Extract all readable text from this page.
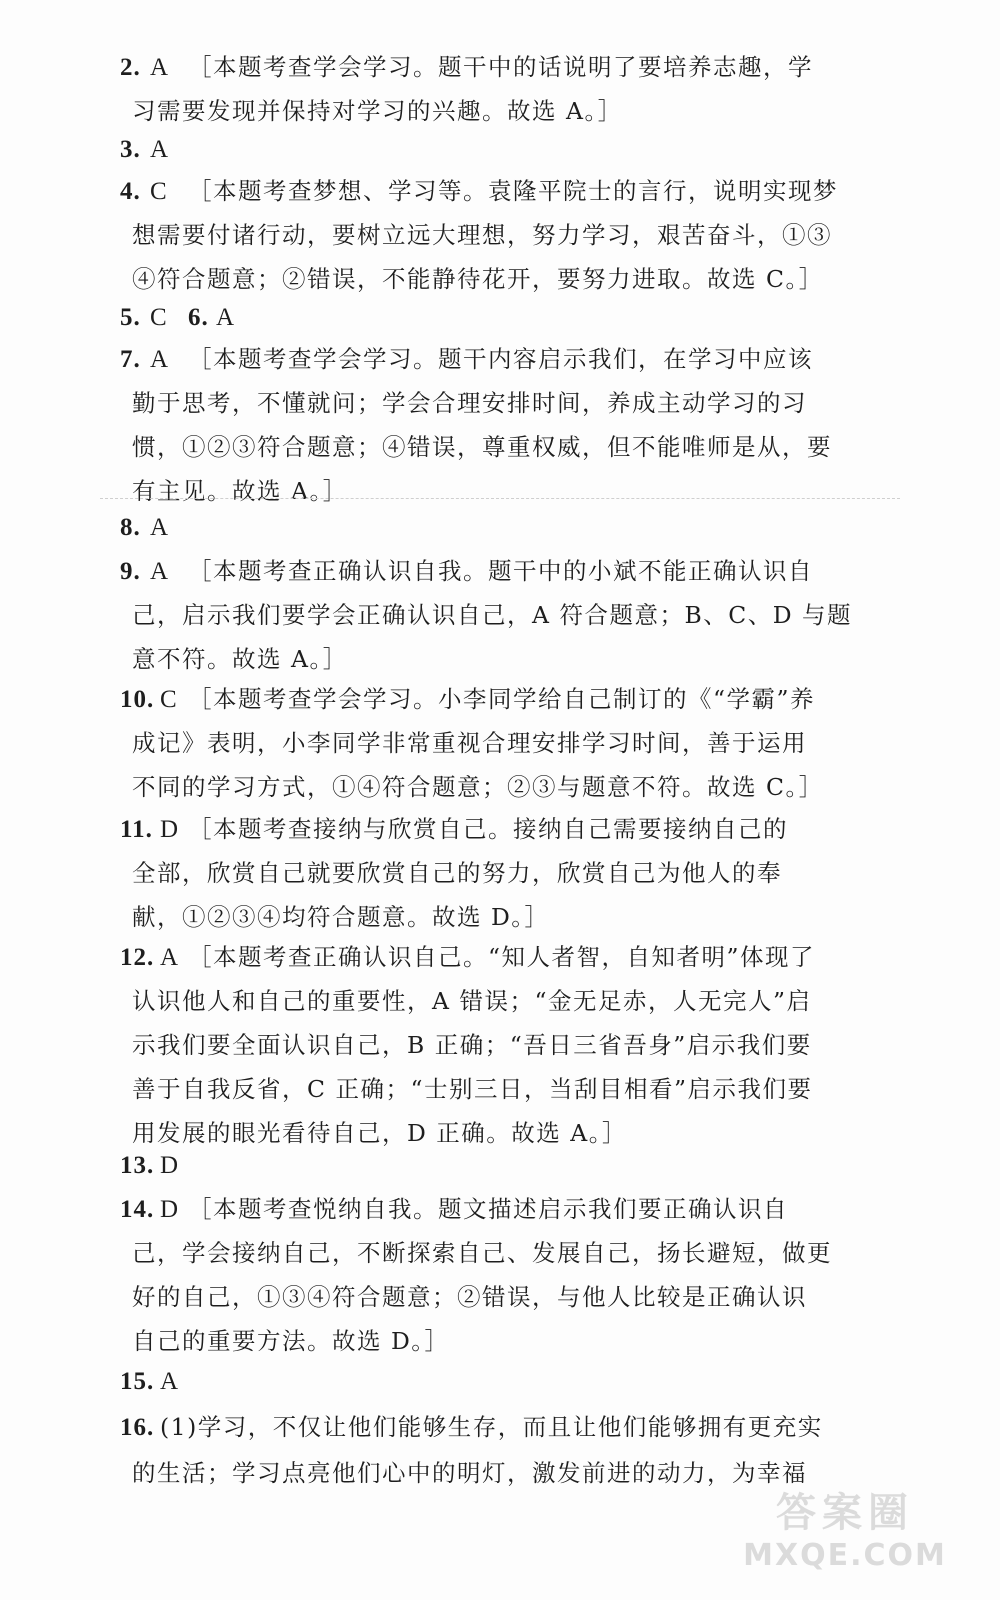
2. A ［本题考查学会学习。题干中的话说明了要培养志趣，学
习需要发现并保持对学习的兴趣。故选 A。］
3. A
4. C ［本题考查梦想、学习等。袁隆平院士的言行，说明实现梦
想需要付诸行动，要树立远大理想，努力学习，艰苦奋斗，①③
④符合题意；②错误，不能静待花开，要努力进取。故选 C。］
5. C 6. A
7. A ［本题考查学会学习。题干内容启示我们，在学习中应该
勤于思考，不懂就问；学会合理安排时间，养成主动学习的习
惯，①②③符合题意；④错误，尊重权威，但不能唯师是从，要
有主见。故选 A。］
8. A
9. A ［本题考查正确认识自我。题干中的小斌不能正确认识自
己，启示我们要学会正确认识自己，A 符合题意；B、C、D 与题
意不符。故选 A。］
10. C ［本题考查学会学习。小李同学给自己制订的《“学霸”养
成记》表明，小李同学非常重视合理安排学习时间，善于运用
不同的学习方式，①④符合题意；②③与题意不符。故选 C。］
11. D ［本题考查接纳与欣赏自己。接纳自己需要接纳自己的
全部，欣赏自己就要欣赏自己的努力，欣赏自己为他人的奉
献，①②③④均符合题意。故选 D。］
12. A ［本题考查正确认识自己。“知人者智，自知者明”体现了
认识他人和自己的重要性，A 错误；“金无足赤，人无完人”启
示我们要全面认识自己，B 正确；“吾日三省吾身”启示我们要
善于自我反省，C 正确；“士别三日，当刮目相看”启示我们要
用发展的眼光看待自己，D 正确。故选 A。］
13. D
14. D ［本题考查悦纳自我。题文描述启示我们要正确认识自
己，学会接纳自己，不断探索自己、发展自己，扬长避短，做更
好的自己，①③④符合题意；②错误，与他人比较是正确认识
自己的重要方法。故选 D。］
15. A
16. (1)学习，不仅让他们能够生存，而且让他们能够拥有更充实
的生活；学习点亮他们心中的明灯，激发前进的动力，为幸福
答案圈
MXQE.COM
